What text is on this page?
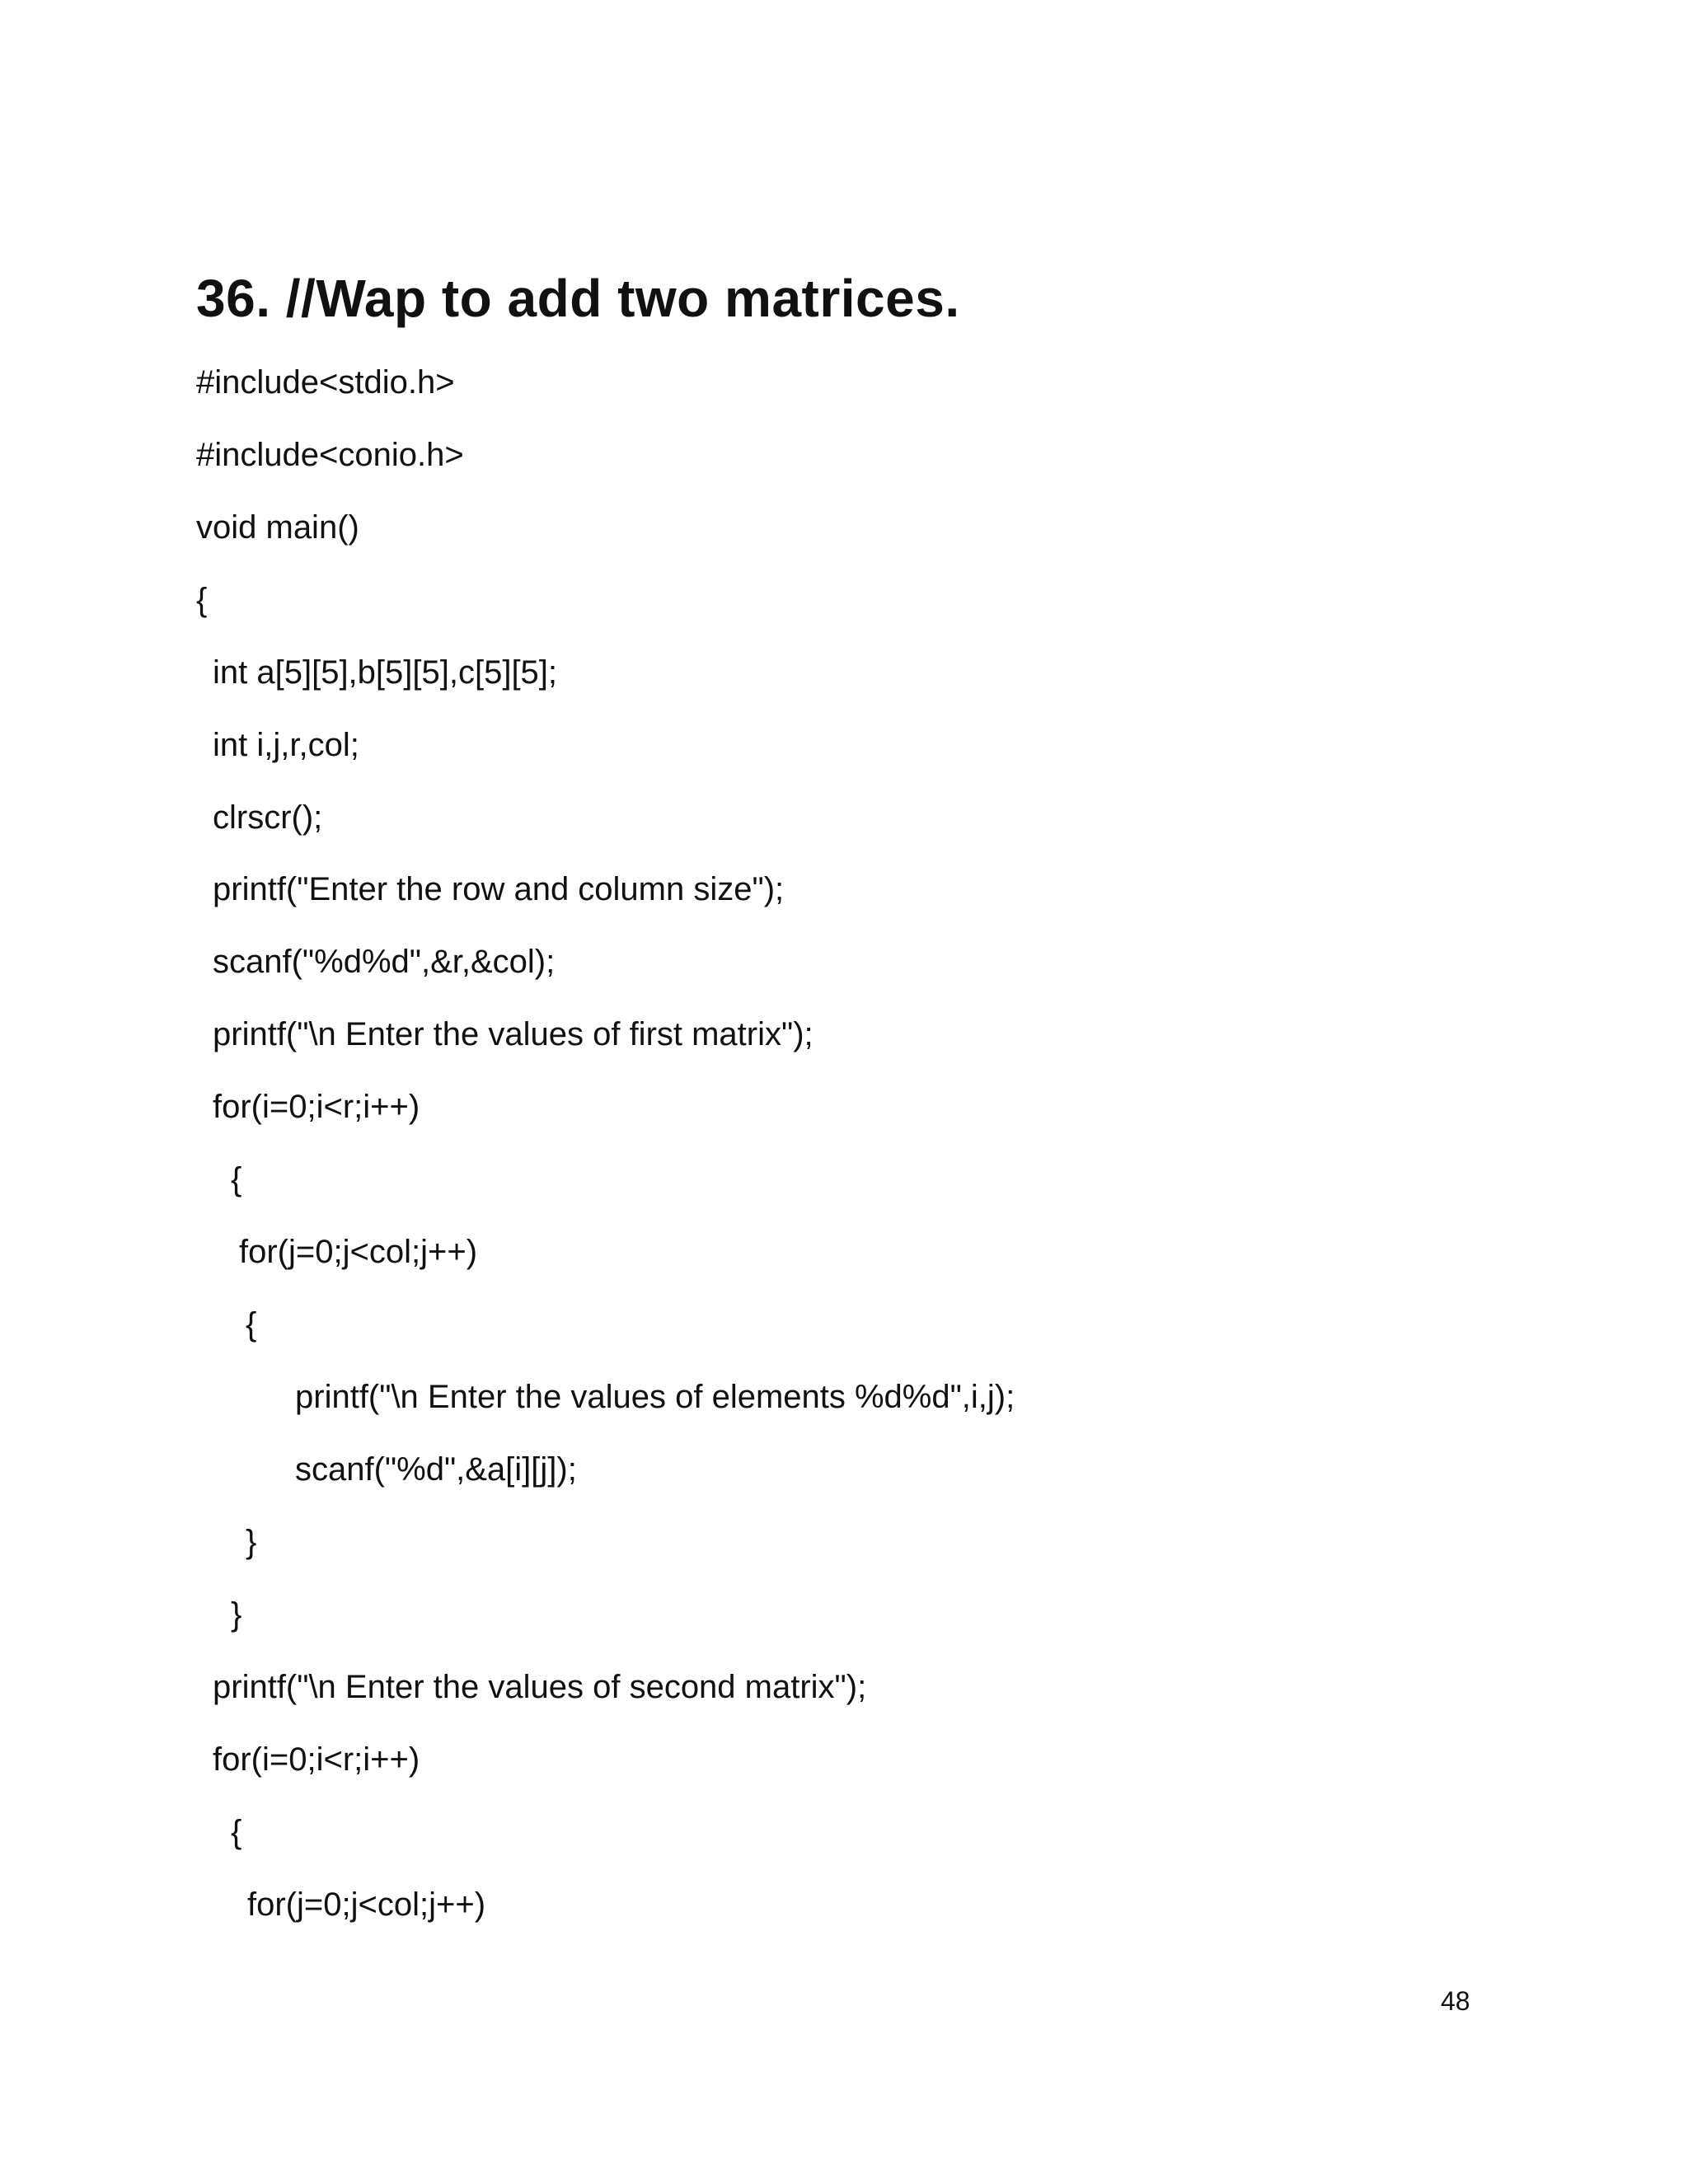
36. //Wap to add two matrices.
#include<stdio.h>
#include<conio.h>
void main()
{
int a[5][5],b[5][5],c[5][5];
int i,j,r,col;
clrscr();
printf("Enter the row and column size");
scanf("%d%d",&r,&col);
printf("\n Enter the values of first matrix");
for(i=0;i<r;i++)
{
for(j=0;j<col;j++)
{
printf("\n Enter the values of elements %d%d",i,j);
scanf("%d",&a[i][j]);
}
}
printf("\n Enter the values of second matrix");
for(i=0;i<r;i++)
{
for(j=0;j<col;j++)
48
